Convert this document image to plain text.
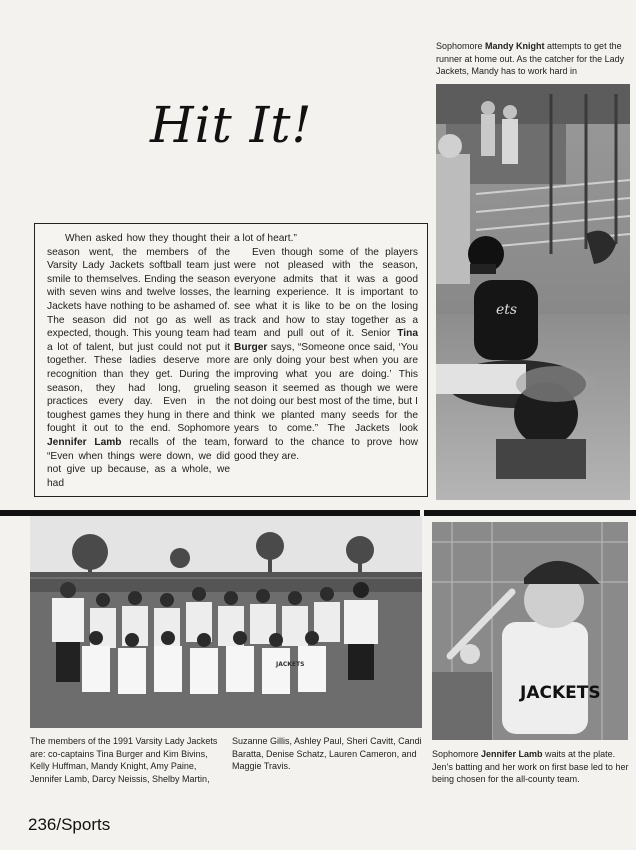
Sophomore Mandy Knight attempts to get the runner at home out. As the catcher for the Lady Jackets, Mandy has to work hard in
Hit It!
ets

When asked how they thought their season went, the members of the Varsity Lady Jackets softball team just smile to themselves. Ending the season with seven wins and twelve losses, the Jackets have nothing to be ashamed of. The season did not go as well as expected, though. This young team had a lot of talent, but just could not put it together. These ladies deserve more recognition than they get. During the season, they had long, grueling practices every day. Even in the toughest games they hung in there and fought it out to the end. Sophomore Jennifer Lamb recalls of the team, “Even when things were down, we did not give up because, as a whole, we had

a lot of heart.”

Even though some of the players were not pleased with the season, everyone admits that it was a good learning experience. It is important to see what it is like to be on the losing track and how to stay together as a team and pull out of it. Senior Tina Burger says, “Someone once said, ‘You are only doing your best when you are improving what you are doing.’ This season it seemed as though we were not doing our best most of the time, but I think we planted many seeds for the years to come.” The Jackets look forward to the chance to prove how good they are.

JACKETS
JACKETS
The members of the 1991 Varsity Lady Jackets are: co-captains Tina Burger and Kim Bivins, Kelly Huffman, Mandy Knight, Amy Paine, Jennifer Lamb, Darcy Neissis, Shelby Martin,
Suzanne Gillis, Ashley Paul, Sheri Cavitt, Candi Baratta, Denise Schatz, Lauren Cameron, and Maggie Travis.
Sophomore Jennifer Lamb waits at the plate. Jen’s batting and her work on first base led to her being chosen for the all-county team.
236/Sports
